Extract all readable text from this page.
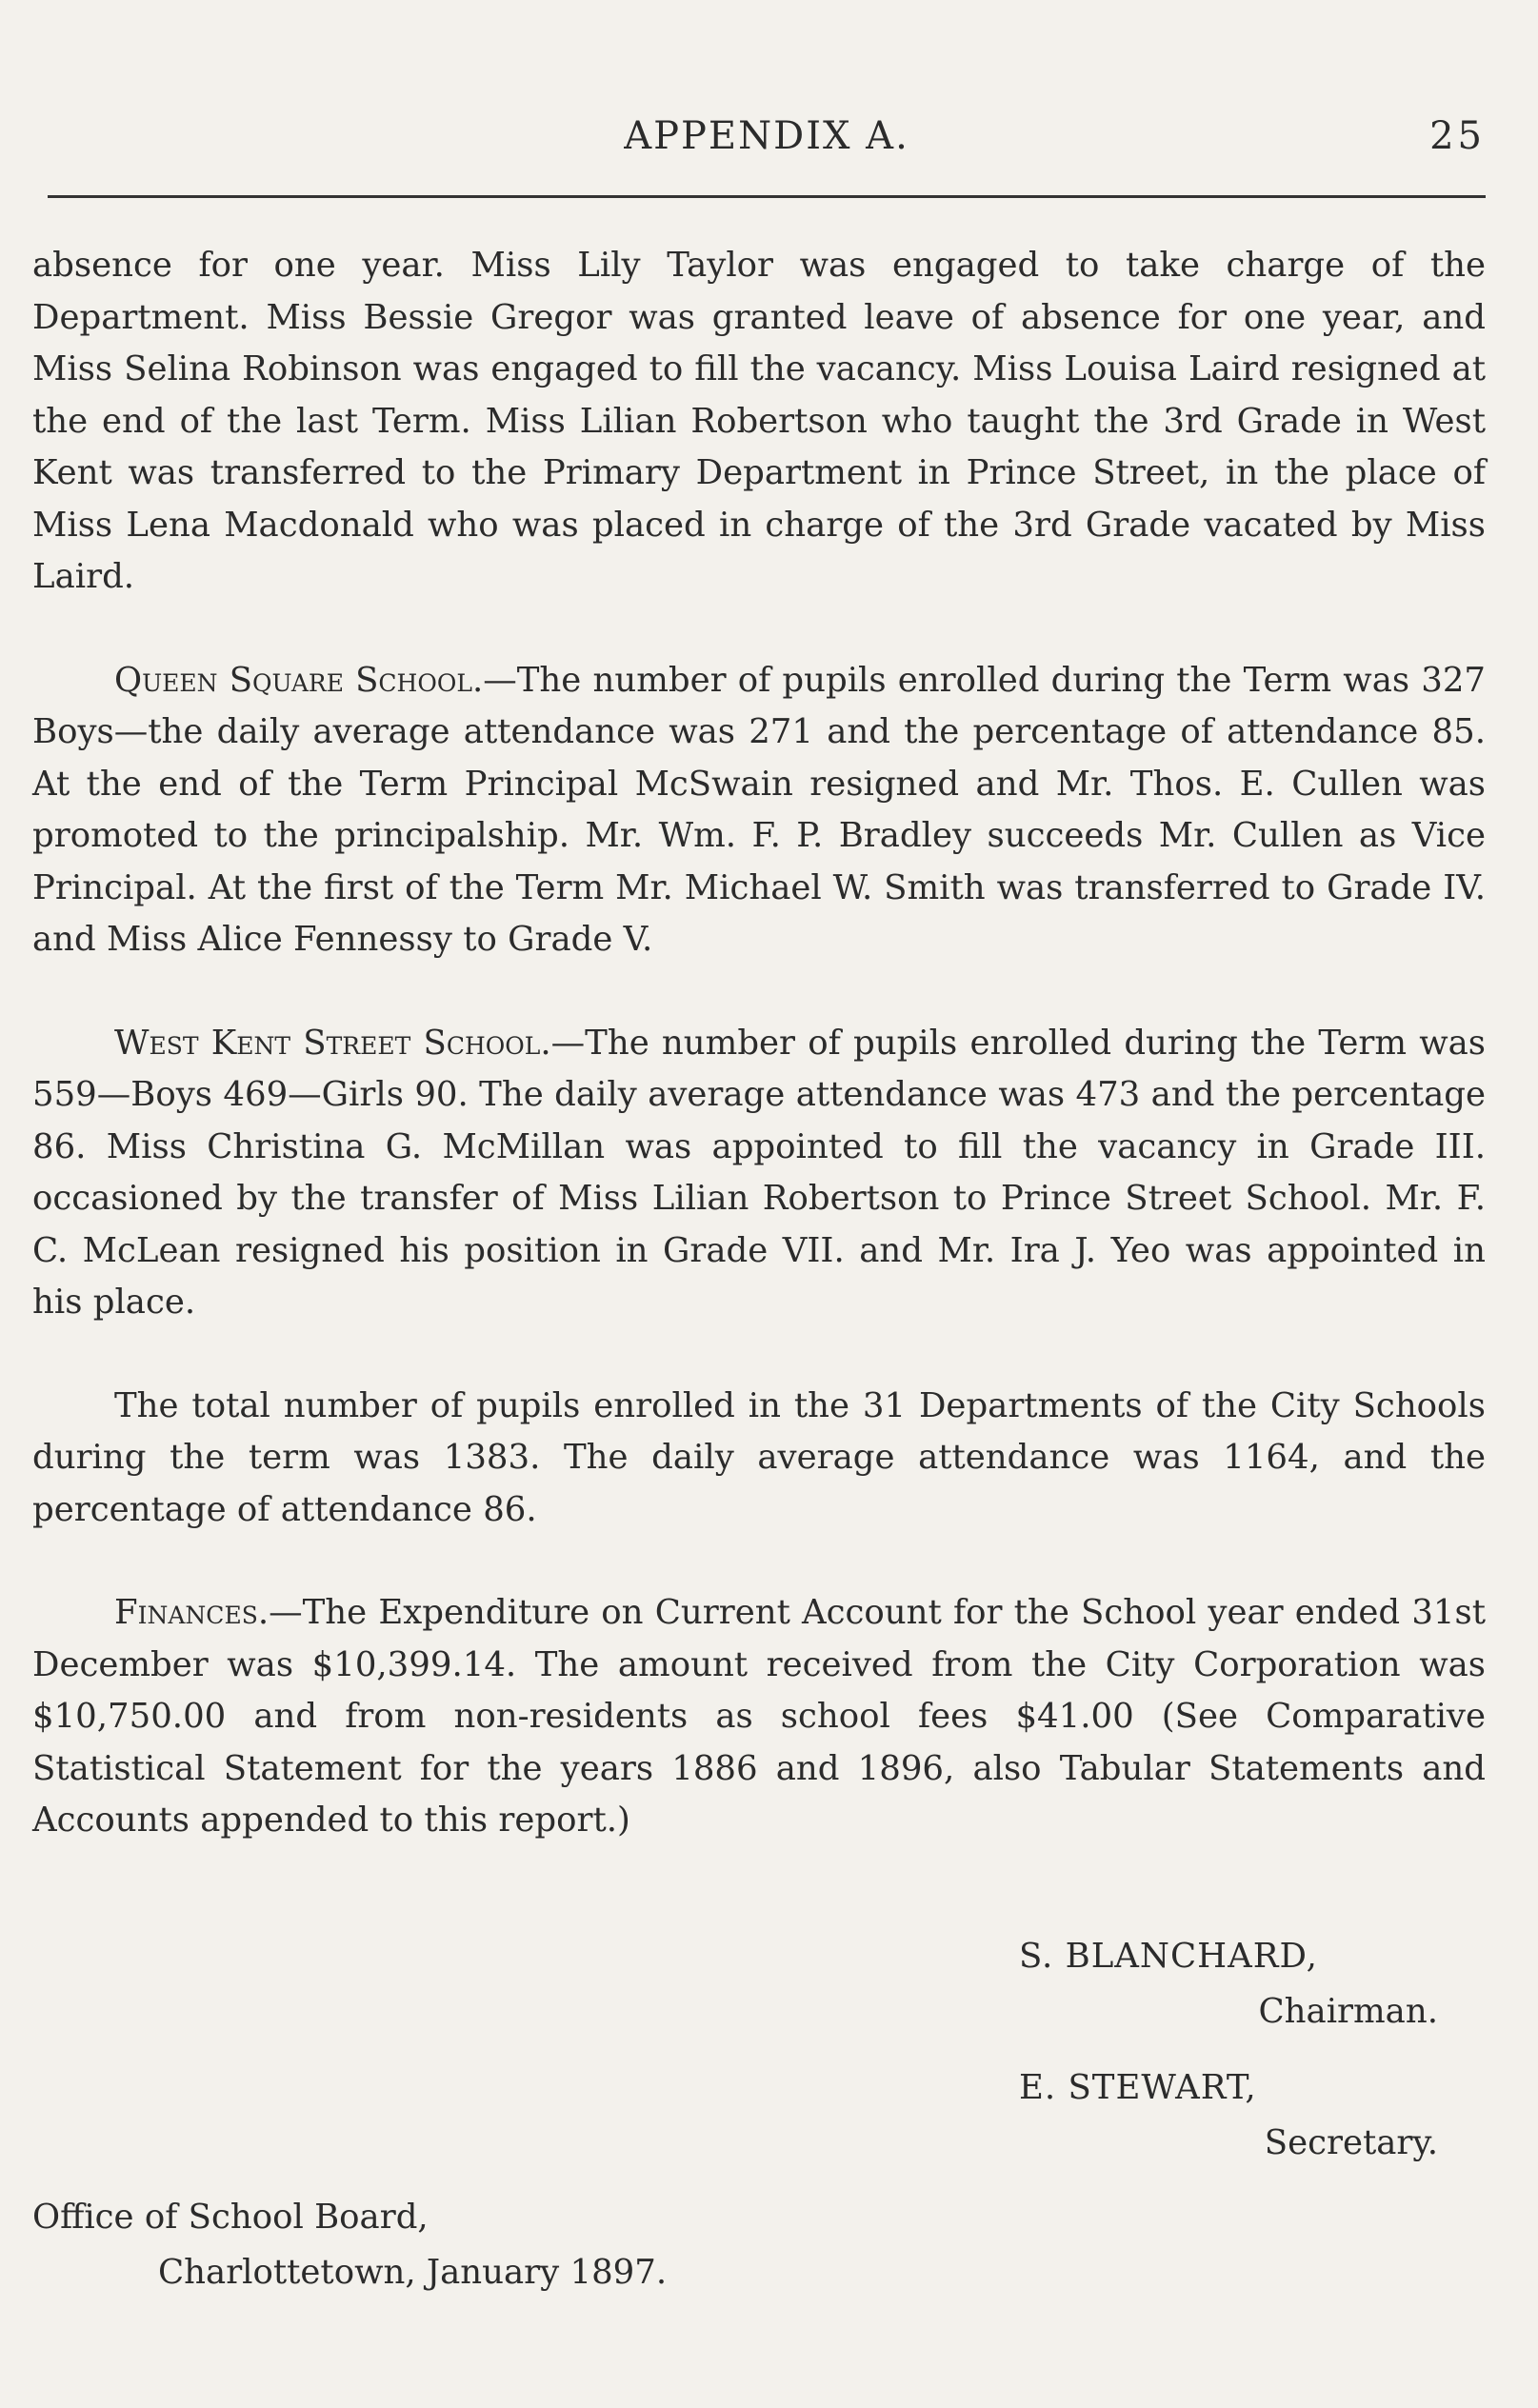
APPENDIX A.	25

absence for one year. Miss Lily Taylor was engaged to take charge of the Department. Miss Bessie Gregor was granted leave of absence for one year, and Miss Selina Robinson was engaged to fill the vacancy. Miss Louisa Laird resigned at the end of the last Term. Miss Lilian Robertson who taught the 3rd Grade in West Kent was transferred to the Primary Department in Prince Street, in the place of Miss Lena Macdonald who was placed in charge of the 3rd Grade vacated by Miss Laird.

Queen Square School.—The number of pupils enrolled during the Term was 327 Boys—the daily average attendance was 271 and the percentage of attendance 85. At the end of the Term Principal McSwain resigned and Mr. Thos. E. Cullen was promoted to the principalship. Mr. Wm. F. P. Bradley succeeds Mr. Cullen as Vice Principal. At the first of the Term Mr. Michael W. Smith was transferred to Grade IV. and Miss Alice Fennessy to Grade V.

West Kent Street School.—The number of pupils enrolled during the Term was 559—Boys 469—Girls 90. The daily average attendance was 473 and the percentage 86. Miss Christina G. McMillan was appointed to fill the vacancy in Grade III. occasioned by the transfer of Miss Lilian Robertson to Prince Street School. Mr. F. C. McLean resigned his position in Grade VII. and Mr. Ira J. Yeo was appointed in his place.

The total number of pupils enrolled in the 31 Departments of the City Schools during the term was 1383. The daily average attendance was 1164, and the percentage of attendance 86.

Finances.—The Expenditure on Current Account for the School year ended 31st December was $10,399.14. The amount received from the City Corporation was $10,750.00 and from non-residents as school fees $41.00 (See Comparative Statistical Statement for the years 1886 and 1896, also Tabular Statements and Accounts appended to this report.)

S. BLANCHARD,

Chairman.

E. STEWART,

Secretary.

Office of School Board,
Charlottetown, January 1897.
